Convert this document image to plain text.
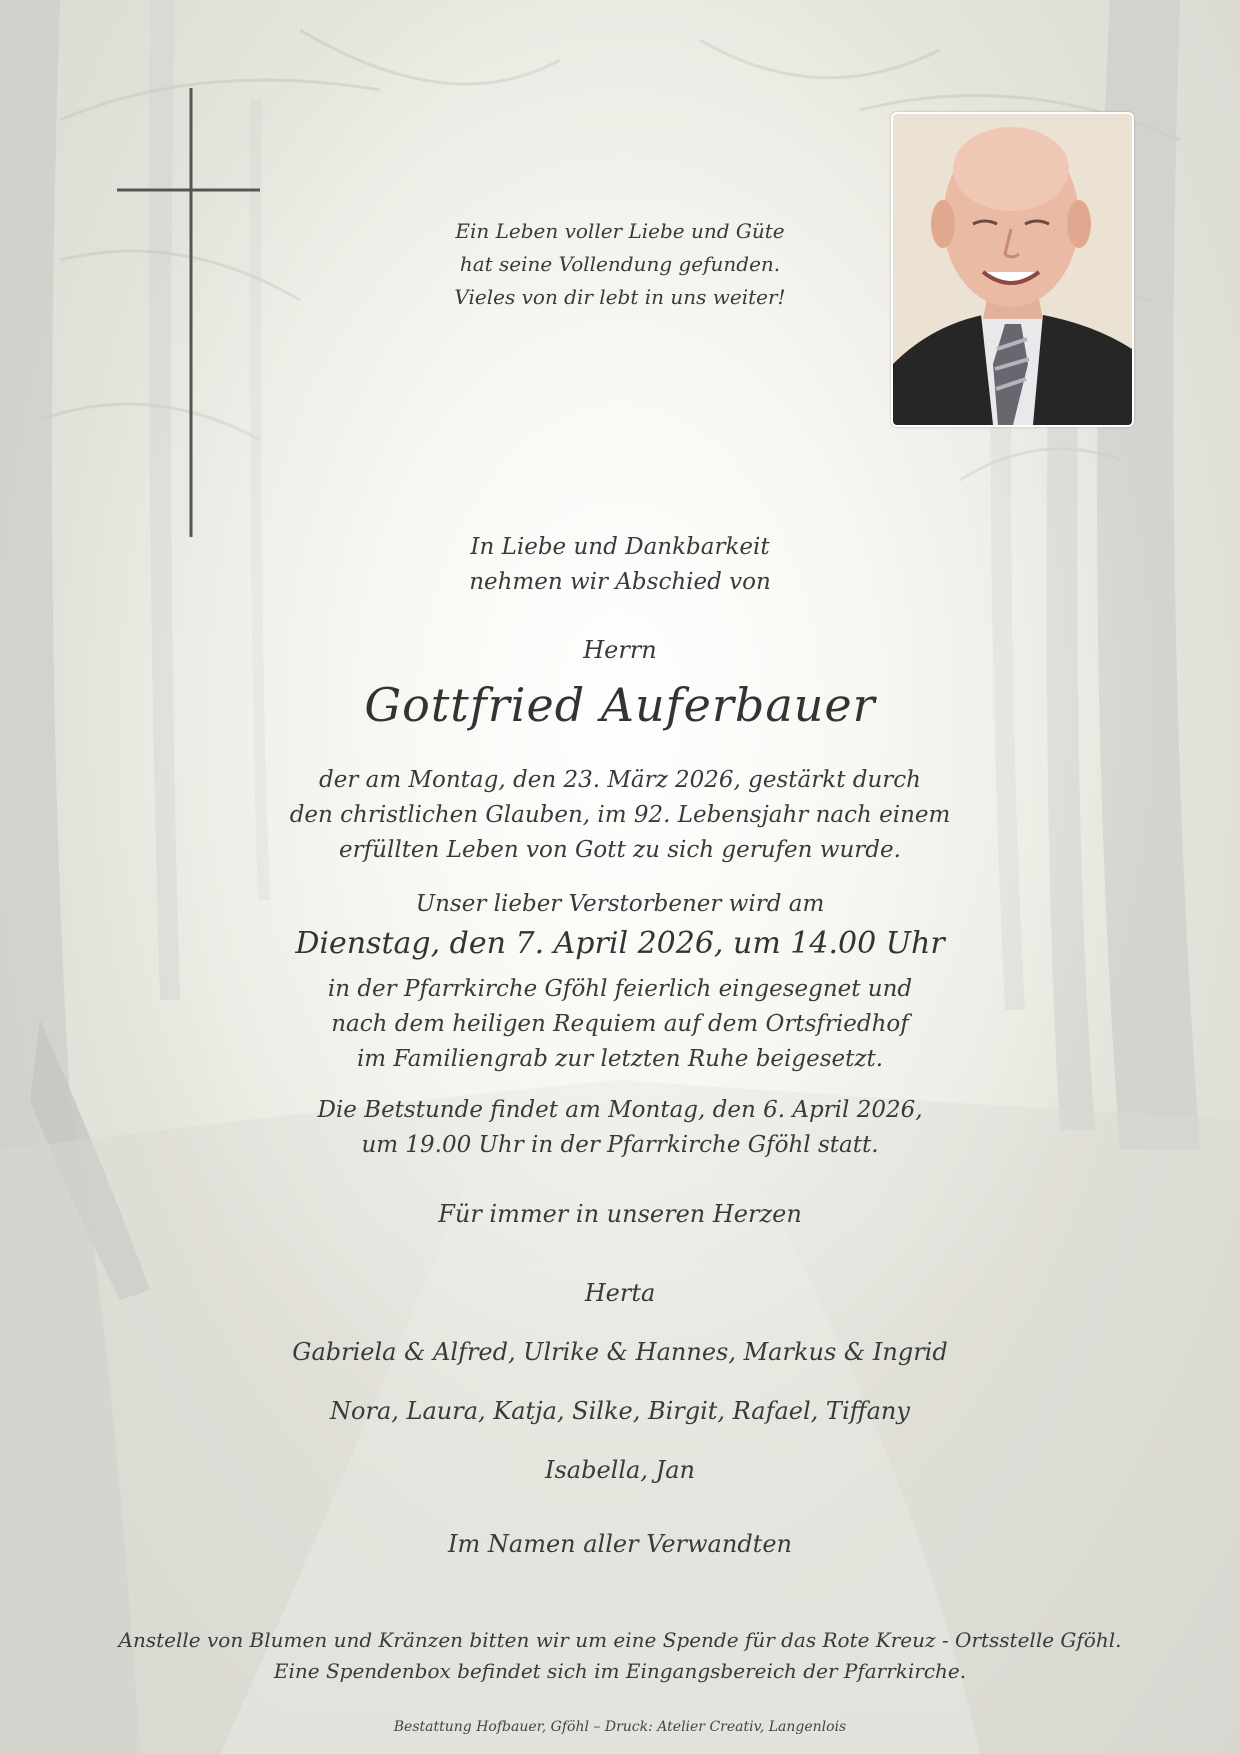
Ein Leben voller Liebe und Güte
hat seine Vollendung gefunden.
Vieles von dir lebt in uns weiter!
In Liebe und Dankbarkeit
nehmen wir Abschied von
Herrn
Gottfried Auferbauer
der am Montag, den 23. März 2026, gestärkt durch
den christlichen Glauben, im 92. Lebensjahr nach einem
erfüllten Leben von Gott zu sich gerufen wurde.
Unser lieber Verstorbener wird am
Dienstag, den 7. April 2026, um 14.00 Uhr
in der Pfarrkirche Gföhl feierlich eingesegnet und
nach dem heiligen Requiem auf dem Ortsfriedhof
im Familiengrab zur letzten Ruhe beigesetzt.
Die Betstunde findet am Montag, den 6. April 2026,
um 19.00 Uhr in der Pfarrkirche Gföhl statt.
Für immer in unseren Herzen
Herta
Gabriela & Alfred, Ulrike & Hannes, Markus & Ingrid
Nora, Laura, Katja, Silke, Birgit, Rafael, Tiffany
Isabella, Jan
Im Namen aller Verwandten
Anstelle von Blumen und Kränzen bitten wir um eine Spende für das Rote Kreuz - Ortsstelle Gföhl.
Eine Spendenbox befindet sich im Eingangsbereich der Pfarrkirche.
Bestattung Hofbauer, Gföhl – Druck: Atelier Creativ, Langenlois
